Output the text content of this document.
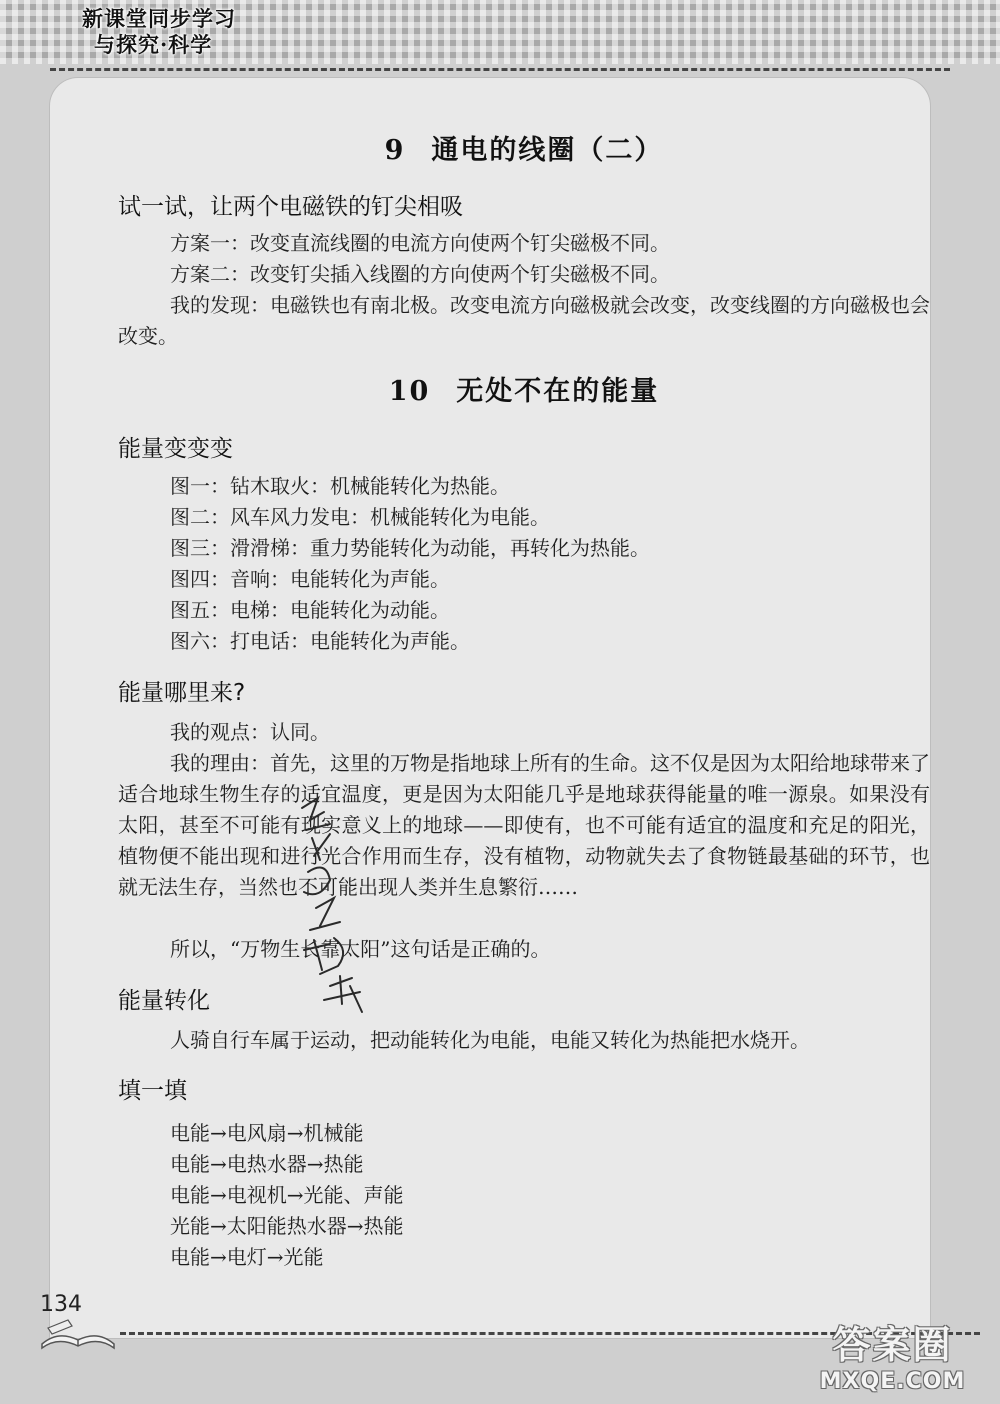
新课堂同步学习
与探究·科学
9 通电的线圈（二）
试一试，让两个电磁铁的钉尖相吸
方案一：改变直流线圈的电流方向使两个钉尖磁极不同。
方案二：改变钉尖插入线圈的方向使两个钉尖磁极不同。
我的发现：电磁铁也有南北极。改变电流方向磁极就会改变，改变线圈的方向磁极也会改变。
10 无处不在的能量
能量变变变
图一：钻木取火：机械能转化为热能。
图二：风车风力发电：机械能转化为电能。
图三：滑滑梯：重力势能转化为动能，再转化为热能。
图四：音响：电能转化为声能。
图五：电梯：电能转化为动能。
图六：打电话：电能转化为声能。
能量哪里来?
我的观点：认同。
我的理由：首先，这里的万物是指地球上所有的生命。这不仅是因为太阳给地球带来了适合地球生物生存的适宜温度，更是因为太阳能几乎是地球获得能量的唯一源泉。如果没有太阳，甚至不可能有现实意义上的地球——即使有，也不可能有适宜的温度和充足的阳光，植物便不能出现和进行光合作用而生存，没有植物，动物就失去了食物链最基础的环节，也就无法生存，当然也不可能出现人类并生息繁衍……
所以，“万物生长靠太阳”这句话是正确的。
能量转化
人骑自行车属于运动，把动能转化为电能，电能又转化为热能把水烧开。
填一填
电能→电风扇→机械能
电能→电热水器→热能
电能→电视机→光能、声能
光能→太阳能热水器→热能
电能→电灯→光能
134
答案圈
MXQE.COM
